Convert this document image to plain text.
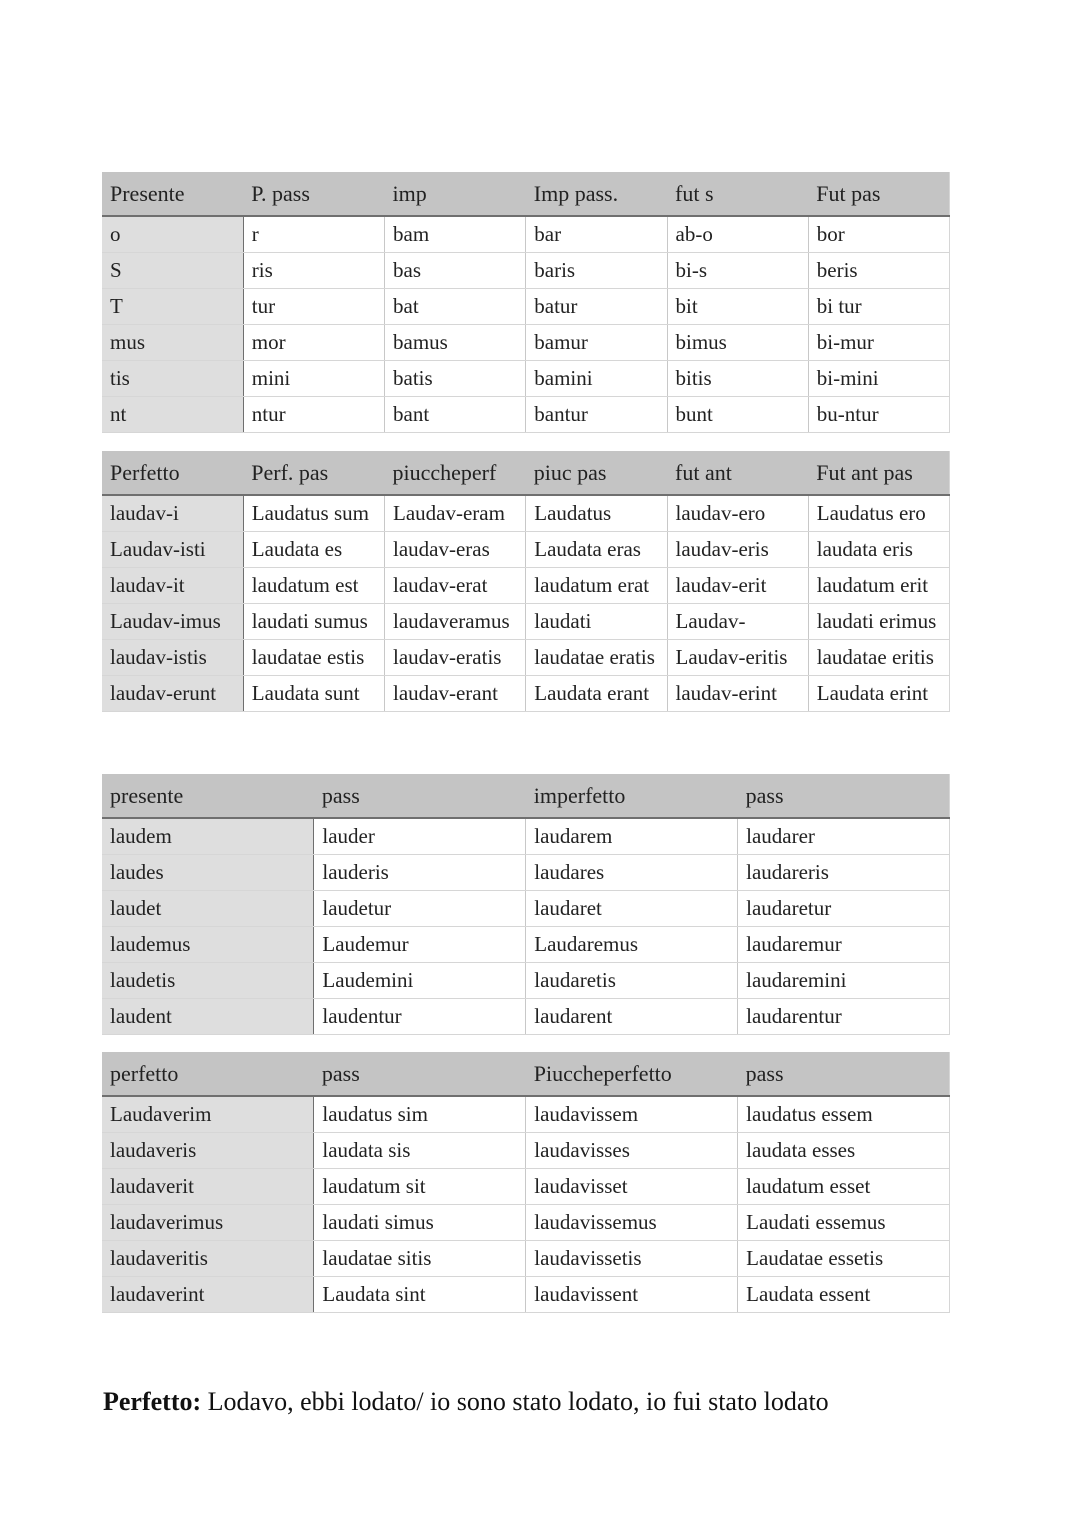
Presente	P. pass	imp	Imp pass.	fut s	Fut pas
o	r	bam	bar	ab-o	bor
S	ris	bas	baris	bi-s	beris
T	tur	bat	batur	bit	bi tur
mus	mor	bamus	bamur	bimus	bi-mur
tis	mini	batis	bamini	bitis	bi-mini
nt	ntur	bant	bantur	bunt	bu-ntur
Perfetto	Perf. pas	piuccheperf	piuc pas	fut ant	Fut ant pas
laudav-i	Laudatus sum	Laudav-eram	Laudatus	laudav-ero	Laudatus ero
Laudav-isti	Laudata es	laudav-eras	Laudata eras	laudav-eris	laudata eris
laudav-it	laudatum est	laudav-erat	laudatum erat	laudav-erit	laudatum erit
Laudav-imus	laudati sumus	laudaveramus	laudati	Laudav-	laudati erimus
laudav-istis	laudatae estis	laudav-eratis	laudatae eratis	Laudav-eritis	laudatae eritis
laudav-erunt	Laudata sunt	laudav-erant	Laudata erant	laudav-erint	Laudata erint
presente	pass	imperfetto	pass
laudem	lauder	laudarem	laudarer
laudes	lauderis	laudares	laudareris
laudet	laudetur	laudaret	laudaretur
laudemus	Laudemur	Laudaremus	laudaremur
laudetis	Laudemini	laudaretis	laudaremini
laudent	laudentur	laudarent	laudarentur
perfetto	pass	Piuccheperfetto	pass
Laudaverim	laudatus sim	laudavissem	laudatus essem
laudaveris	laudata sis	laudavisses	laudata esses
laudaverit	laudatum sit	laudavisset	laudatum esset
laudaverimus	laudati simus	laudavissemus	Laudati essemus
laudaveritis	laudatae sitis	laudavissetis	Laudatae essetis
laudaverint	Laudata sint	laudavissent	Laudata essent
Perfetto: Lodavo, ebbi lodato/ io sono stato lodato, io fui stato lodato
